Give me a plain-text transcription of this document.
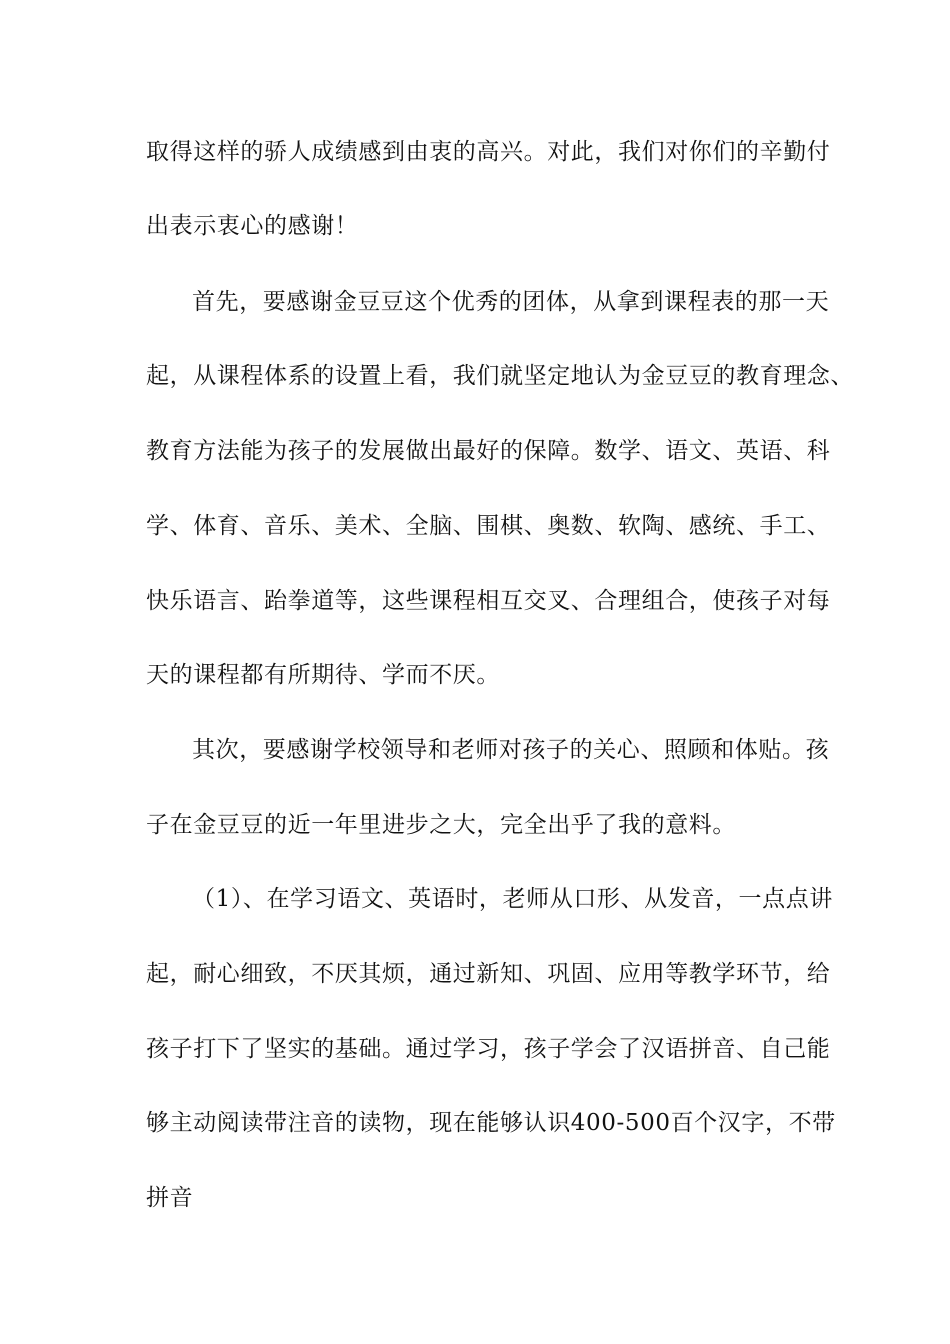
取得这样的骄人成绩感到由衷的高兴。对此，我们对你们的辛勤付
出表示衷心的感谢！
首先，要感谢金豆豆这个优秀的团体，从拿到课程表的那一天
起，从课程体系的设置上看，我们就坚定地认为金豆豆的教育理念、
教育方法能为孩子的发展做出最好的保障。数学、语文、英语、科
学、体育、音乐、美术、全脑、围棋、奥数、软陶、感统、手工、
快乐语言、跆拳道等，这些课程相互交叉、合理组合，使孩子对每
天的课程都有所期待、学而不厌。
其次，要感谢学校领导和老师对孩子的关心、照顾和体贴。孩
子在金豆豆的近一年里进步之大，完全出乎了我的意料。
（1）、在学习语文、英语时，老师从口形、从发音，一点点讲
起，耐心细致，不厌其烦，通过新知、巩固、应用等教学环节，给
孩子打下了坚实的基础。通过学习，孩子学会了汉语拼音、自己能
够主动阅读带注音的读物，现在能够认识400-500百个汉字，不带
拼音
